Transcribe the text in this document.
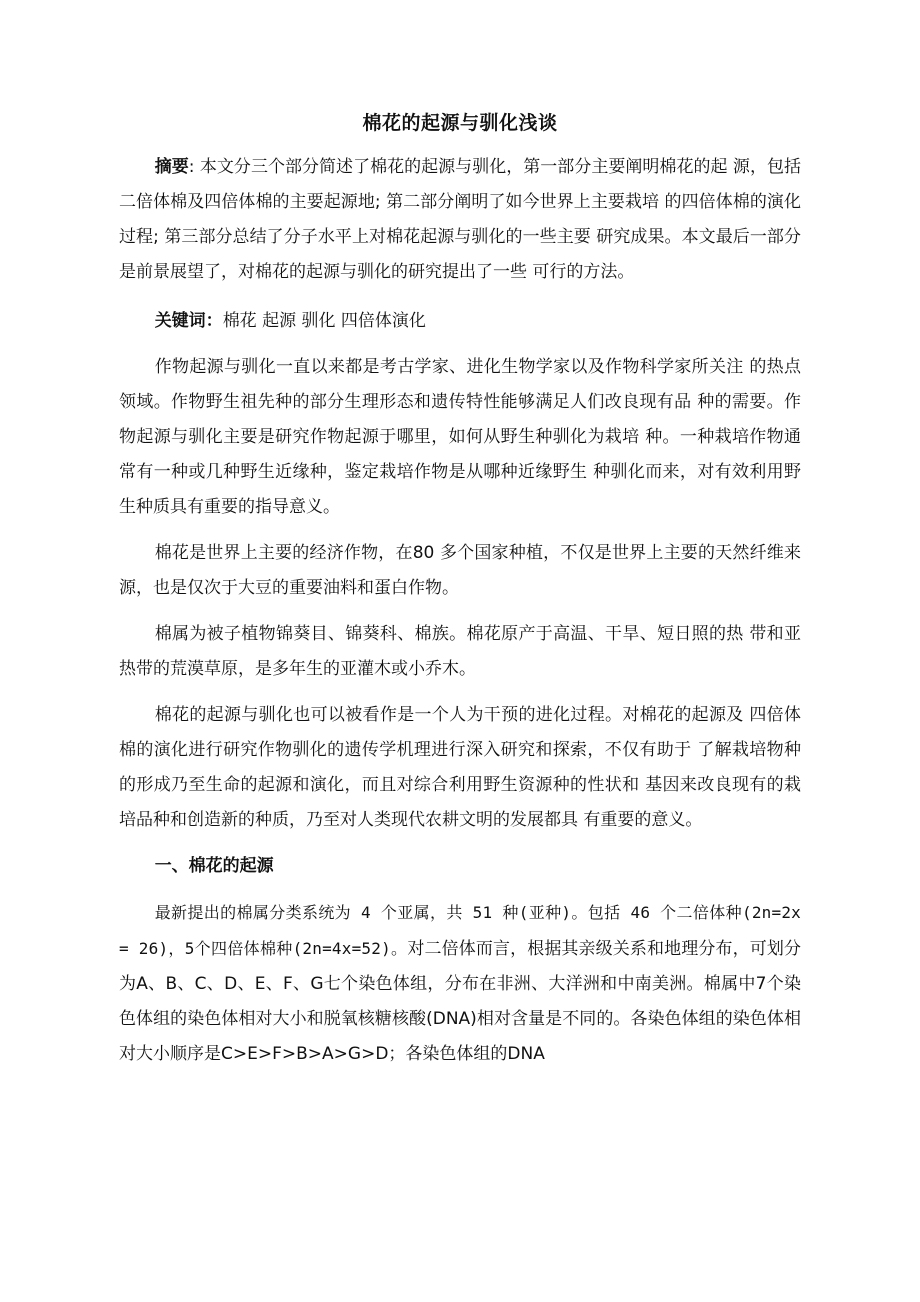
棉花的起源与驯化浅谈

摘要: 本文分三个部分简述了棉花的起源与驯化，第一部分主要阐明棉花的起 源，包括二倍体棉及四倍体棉的主要起源地; 第二部分阐明了如今世界上主要栽培 的四倍体棉的演化过程; 第三部分总结了分子水平上对棉花起源与驯化的一些主要 研究成果。本文最后一部分是前景展望了，对棉花的起源与驯化的研究提出了一些 可行的方法。

关键词：棉花 起源 驯化 四倍体演化

作物起源与驯化一直以来都是考古学家、进化生物学家以及作物科学家所关注 的热点领域。作物野生祖先种的部分生理形态和遗传特性能够满足人们改良现有品 种的需要。作物起源与驯化主要是研究作物起源于哪里，如何从野生种驯化为栽培 种。一种栽培作物通常有一种或几种野生近缘种，鉴定栽培作物是从哪种近缘野生 种驯化而来，对有效利用野生种质具有重要的指导意义。

棉花是世界上主要的经济作物，在80 多个国家种植，不仅是世界上主要的天然纤维来源，也是仅次于大豆的重要油料和蛋白作物。

棉属为被子植物锦葵目、锦葵科、棉族。棉花原产于高温、干旱、短日照的热 带和亚热带的荒漠草原，是多年生的亚灌木或小乔木。

棉花的起源与驯化也可以被看作是一个人为干预的进化过程。对棉花的起源及 四倍体棉的演化进行研究作物驯化的遗传学机理进行深入研究和探索，不仅有助于 了解栽培物种的形成乃至生命的起源和演化，而且对综合利用野生资源种的性状和 基因来改良现有的栽培品种和创造新的种质，乃至对人类现代农耕文明的发展都具 有重要的意义。

一、棉花的起源

最新提出的棉属分类系统为 4 个亚属，共 51 种(亚种)。包括 46 个二倍体种(2n=2x= 26)，5个四倍体棉种(2n=4x=52)。对二倍体而言，根据其亲级关系和地理分布，可划分为A、B、C、D、E、F、G七个染色体组，分布在非洲、大洋洲和中南美洲。棉属中7个染色体组的染色体相对大小和脱氧核糖核酸(DNA)相对含量是不同的。各染色体组的染色体相对大小顺序是C>E>F>B>A>G>D；各染色体组的DNA
